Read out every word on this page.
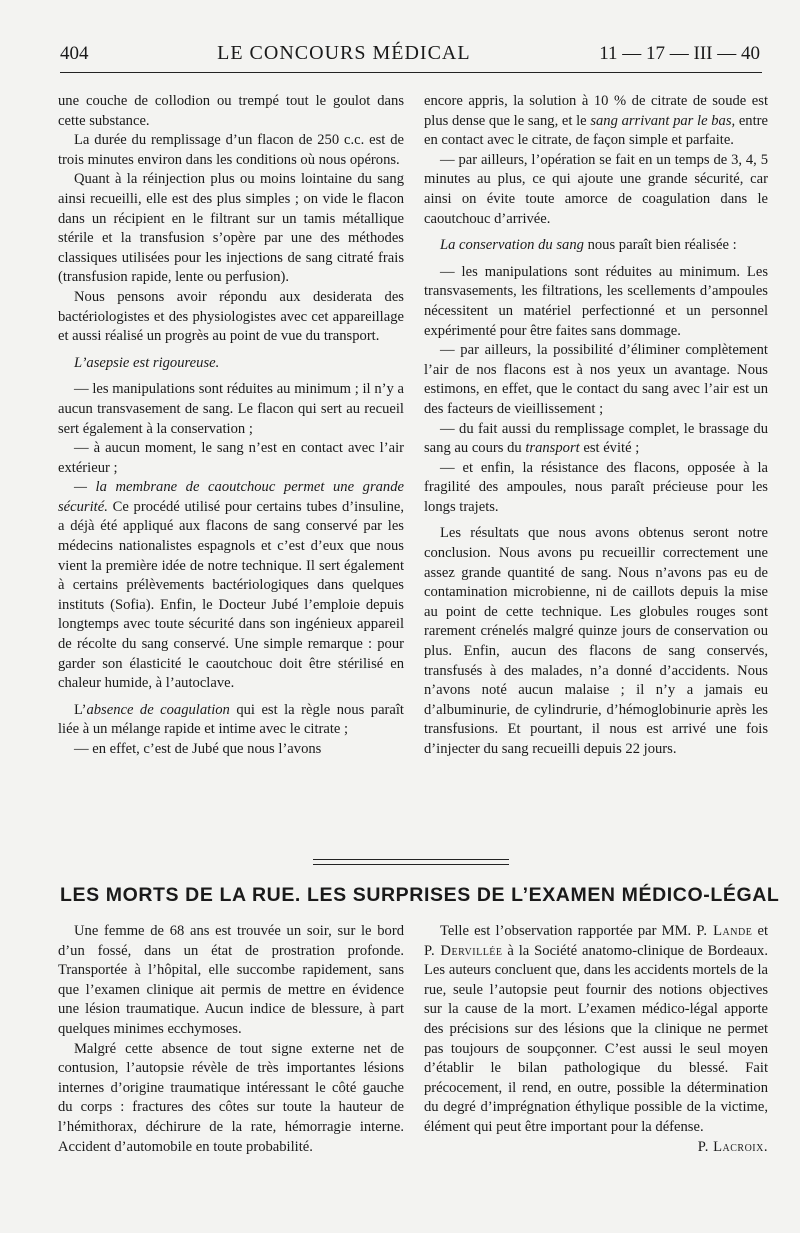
404	LE CONCOURS MÉDICAL	11 — 17 — III — 40

une couche de collodion ou trempé tout le goulot dans cette substance.

La durée du remplissage d’un flacon de 250 c.c. est de trois minutes environ dans les conditions où nous opérons.

Quant à la réinjection plus ou moins lointaine du sang ainsi recueilli, elle est des plus simples ; on vide le flacon dans un récipient en le filtrant sur un tamis métallique stérile et la transfusion s’opère par une des méthodes classiques utilisées pour les injections de sang citraté frais (transfusion rapide, lente ou perfusion).

Nous pensons avoir répondu aux desiderata des bactériologistes et des physiologistes avec cet appareillage et aussi réalisé un progrès au point de vue du transport.

L’asepsie est rigoureuse.

— les manipulations sont réduites au minimum ; il n’y a aucun transvasement de sang. Le flacon qui sert au recueil sert également à la conservation ;

— à aucun moment, le sang n’est en contact avec l’air extérieur ;

— la membrane de caoutchouc permet une grande sécurité. Ce procédé utilisé pour certains tubes d’insuline, a déjà été appliqué aux flacons de sang conservé par les médecins nationalistes espagnols et c’est d’eux que nous vient la première idée de notre technique. Il sert également à certains prélèvements bactériologiques dans quelques instituts (Sofia). Enfin, le Docteur Jubé l’emploie depuis longtemps avec toute sécurité dans son ingénieux appareil de récolte du sang conservé. Une simple remarque : pour garder son élasticité le caoutchouc doit être stérilisé en chaleur humide, à l’autoclave.

L’absence de coagulation qui est la règle nous paraît liée à un mélange rapide et intime avec le citrate ;

— en effet, c’est de Jubé que nous l’avons

encore appris, la solution à 10 % de citrate de soude est plus dense que le sang, et le sang arrivant par le bas, entre en contact avec le citrate, de façon simple et parfaite.

— par ailleurs, l’opération se fait en un temps de 3, 4, 5 minutes au plus, ce qui ajoute une grande sécurité, car ainsi on évite toute amorce de coagulation dans le caoutchouc d’arrivée.

La conservation du sang nous paraît bien réalisée :

— les manipulations sont réduites au minimum. Les transvasements, les filtrations, les scellements d’ampoules nécessitent un matériel perfectionné et un personnel expérimenté pour être faites sans dommage.

— par ailleurs, la possibilité d’éliminer complètement l’air de nos flacons est à nos yeux un avantage. Nous estimons, en effet, que le contact du sang avec l’air est un des facteurs de vieillissement ;

— du fait aussi du remplissage complet, le brassage du sang au cours du transport est évité ;

— et enfin, la résistance des flacons, opposée à la fragilité des ampoules, nous paraît précieuse pour les longs trajets.

Les résultats que nous avons obtenus seront notre conclusion. Nous avons pu recueillir correctement une assez grande quantité de sang. Nous n’avons pas eu de contamination microbienne, ni de caillots depuis la mise au point de cette technique. Les globules rouges sont rarement crénelés malgré quinze jours de conservation ou plus. Enfin, aucun des flacons de sang conservés, transfusés à des malades, n’a donné d’accidents. Nous n’avons noté aucun malaise ; il n’y a jamais eu d’albuminurie, de cylindrurie, d’hémoglobinurie après les transfusions. Et pourtant, il nous est arrivé une fois d’injecter du sang recueilli depuis 22 jours.

LES MORTS DE LA RUE. LES SURPRISES DE L’EXAMEN MÉDICO-LÉGAL

Une femme de 68 ans est trouvée un soir, sur le bord d’un fossé, dans un état de prostration profonde. Transportée à l’hôpital, elle succombe rapidement, sans que l’examen clinique ait permis de mettre en évidence une lésion traumatique. Aucun indice de blessure, à part quelques minimes ecchymoses.

Malgré cette absence de tout signe externe net de contusion, l’autopsie révèle de très importantes lésions internes d’origine traumatique intéressant le côté gauche du corps : fractures des côtes sur toute la hauteur de l’hémithorax, déchirure de la rate, hémorragie interne. Accident d’automobile en toute probabilité.

Telle est l’observation rapportée par MM. P. Lande et P. Dervillée à la Société anatomo-clinique de Bordeaux. Les auteurs concluent que, dans les accidents mortels de la rue, seule l’autopsie peut fournir des notions objectives sur la cause de la mort. L’examen médico-légal apporte des précisions sur des lésions que la clinique ne permet pas toujours de soupçonner. C’est aussi le seul moyen d’établir le bilan pathologique du blessé. Fait précocement, il rend, en outre, possible la détermination du degré d’imprégnation éthylique possible de la victime, élément qui peut être important pour la défense.

P. Lacroix.
